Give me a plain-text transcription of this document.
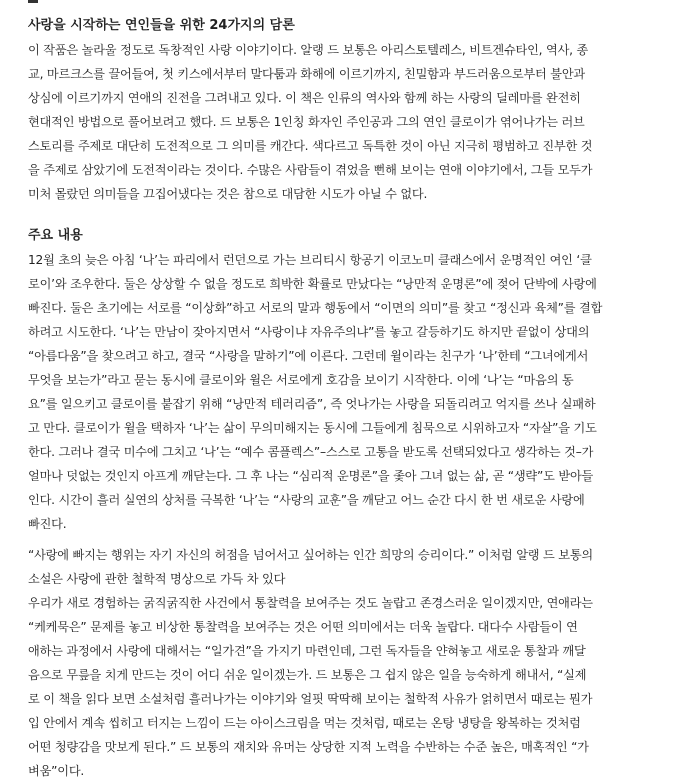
사랑을 시작하는 연인들을 위한 24가지의 담론

이 작품은 놀라울 정도로 독창적인 사랑 이야기이다. 알랭 드 보통은 아리스토텔레스, 비트겐슈타인, 역사, 종

교, 마르크스를 끌어들여, 첫 키스에서부터 말다툼과 화해에 이르기까지, 친밀함과 부드러움으로부터 불안과

상심에 이르기까지 연애의 진전을 그려내고 있다. 이 책은 인류의 역사와 함께 하는 사랑의 딜레마를 완전히

현대적인 방법으로 풀어보려고 했다. 드 보통은 1인칭 화자인 주인공과 그의 연인 클로이가 엮어나가는 러브

스토리를 주제로 대단히 도전적으로 그 의미를 캐간다. 색다르고 독특한 것이 아닌 지극히 평범하고 진부한 것

을 주제로 삼았기에 도전적이라는 것이다. 수많은 사람들이 겪었을 뻔해 보이는 연애 이야기에서, 그들 모두가

미처 몰랐던 의미들을 끄집어냈다는 것은 참으로 대담한 시도가 아닐 수 없다.

주요 내용

12월 초의 늦은 아침 ‘나’는 파리에서 런던으로 가는 브리티시 항공기 이코노미 클래스에서 운명적인 여인 ‘클

로이’와 조우한다. 둘은 상상할 수 없을 정도로 희박한 확률로 만났다는 “낭만적 운명론”에 젖어 단박에 사랑에

빠진다. 둘은 초기에는 서로를 “이상화”하고 서로의 말과 행동에서 “이면의 의미”를 찾고 “정신과 육체”를 결합

하려고 시도한다. ‘나’는 만남이 잦아지면서 “사랑이냐 자유주의냐”를 놓고 갈등하기도 하지만 끝없이 상대의

“아름다움”을 찾으려고 하고, 결국 “사랑을 말하기”에 이른다. 그런데 윌이라는 친구가 ‘나’한테 “그녀에게서

무엇을 보는가”라고 묻는 동시에 클로이와 윌은 서로에게 호감을 보이기 시작한다. 이에 ‘나’는 “마음의 동

요”를 일으키고 클로이를 붙잡기 위해 “낭만적 테러리즘”, 즉 엇나가는 사랑을 되돌리려고 억지를 쓰나 실패하

고 만다. 클로이가 윌을 택하자 ‘나’는 삶이 무의미해지는 동시에 그들에게 침묵으로 시위하고자 “자살”을 기도

한다. 그러나 결국 미수에 그치고 ‘나’는 “예수 콤플렉스”–스스로 고통을 받도록 선택되었다고 생각하는 것–가

얼마나 덧없는 것인지 아프게 깨닫는다. 그 후 나는 “심리적 운명론”을 좇아 그녀 없는 삶, 곧 “생략”도 받아들

인다. 시간이 흘러 실연의 상처를 극복한 ‘나’는 “사랑의 교훈”을 깨닫고 어느 순간 다시 한 번 새로운 사랑에

빠진다.

“사랑에 빠지는 행위는 자기 자신의 허점을 넘어서고 싶어하는 인간 희망의 승리이다.” 이처럼 알랭 드 보통의

소설은 사랑에 관한 철학적 명상으로 가득 차 있다

우리가 새로 경험하는 굵직굵직한 사건에서 통찰력을 보여주는 것도 놀랍고 존경스러운 일이겠지만, 연애라는

“케케묵은” 문제를 놓고 비상한 통찰력을 보여주는 것은 어떤 의미에서는 더욱 놀랍다. 대다수 사람들이 연

애하는 과정에서 사랑에 대해서는 “일가견”을 가지기 마련인데, 그런 독자들을 얀혀놓고 새로운 통찰과 깨달

음으로 무릎을 치게 만드는 것이 어디 쉬운 일이겠는가. 드 보통은 그 쉽지 않은 일을 능숙하게 해내서, “실제

로 이 책을 읽다 보면 소설처럼 흘러나가는 이야기와 얼핏 딱딱해 보이는 철학적 사유가 얽히면서 때로는 뭔가

입 안에서 계속 씹히고 터지는 느낌이 드는 아이스크림을 먹는 것처럼, 때로는 온탕 냉탕을 왕복하는 것처럼

어떤 청량감을 맛보게 된다.” 드 보통의 재치와 유머는 상당한 지적 노력을 수반하는 수준 높은, 매혹적인 “가

벼움”이다.
